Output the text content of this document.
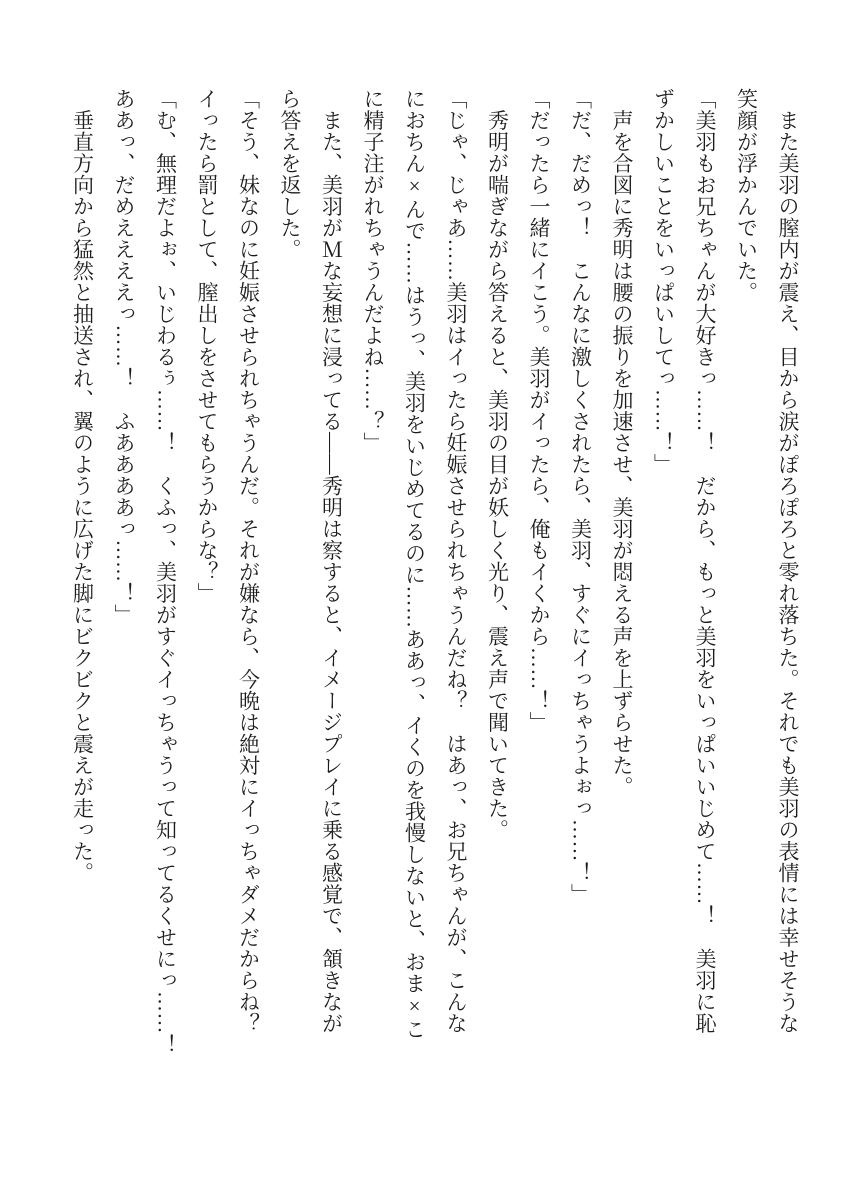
　また美羽の膣内が震え、目から涙がぽろぽろと零れ落ちた。それでも美羽の表情には幸せそうな

笑顔が浮かんでいた。

「美羽もお兄ちゃんが大好きっ……！　だから、もっと美羽をいっぱいいじめて……！　美羽に恥

ずかしいことをいっぱいしてっ……！」

　声を合図に秀明は腰の振りを加速させ、美羽が悶える声を上ずらせた。

「だ、だめっ！　こんなに激しくされたら、美羽、すぐにイっちゃうよぉっ……！」

「だったら一緒にイこう。美羽がイったら、俺もイくから……！」

　秀明が喘ぎながら答えると、美羽の目が妖しく光り、震え声で聞いてきた。

「じゃ、じゃあ……美羽はイったら妊娠させられちゃうんだね？　はあっ、お兄ちゃんが、こんな

におちん×んで……はうっ、美羽をいじめてるのに……ああっ、イくのを我慢しないと、おま×こ

に精子注がれちゃうんだよね……？」

　また、美羽がＭな妄想に浸ってる――秀明は察すると、イメージプレイに乗る感覚で、頷きなが

ら答えを返した。

「そう、妹なのに妊娠させられちゃうんだ。それが嫌なら、今晩は絶対にイっちゃダメだからね？

イったら罰として、膣出しをさせてもらうからな？」

「む、無理だよぉ、いじわるぅ……！　くふっ、美羽がすぐイっちゃうって知ってるくせにっ……！

ああっ、だめええええっ……！　ふああああっ……！」

　垂直方向から猛然と抽送され、翼のように広げた脚にビクビクと震えが走った。
